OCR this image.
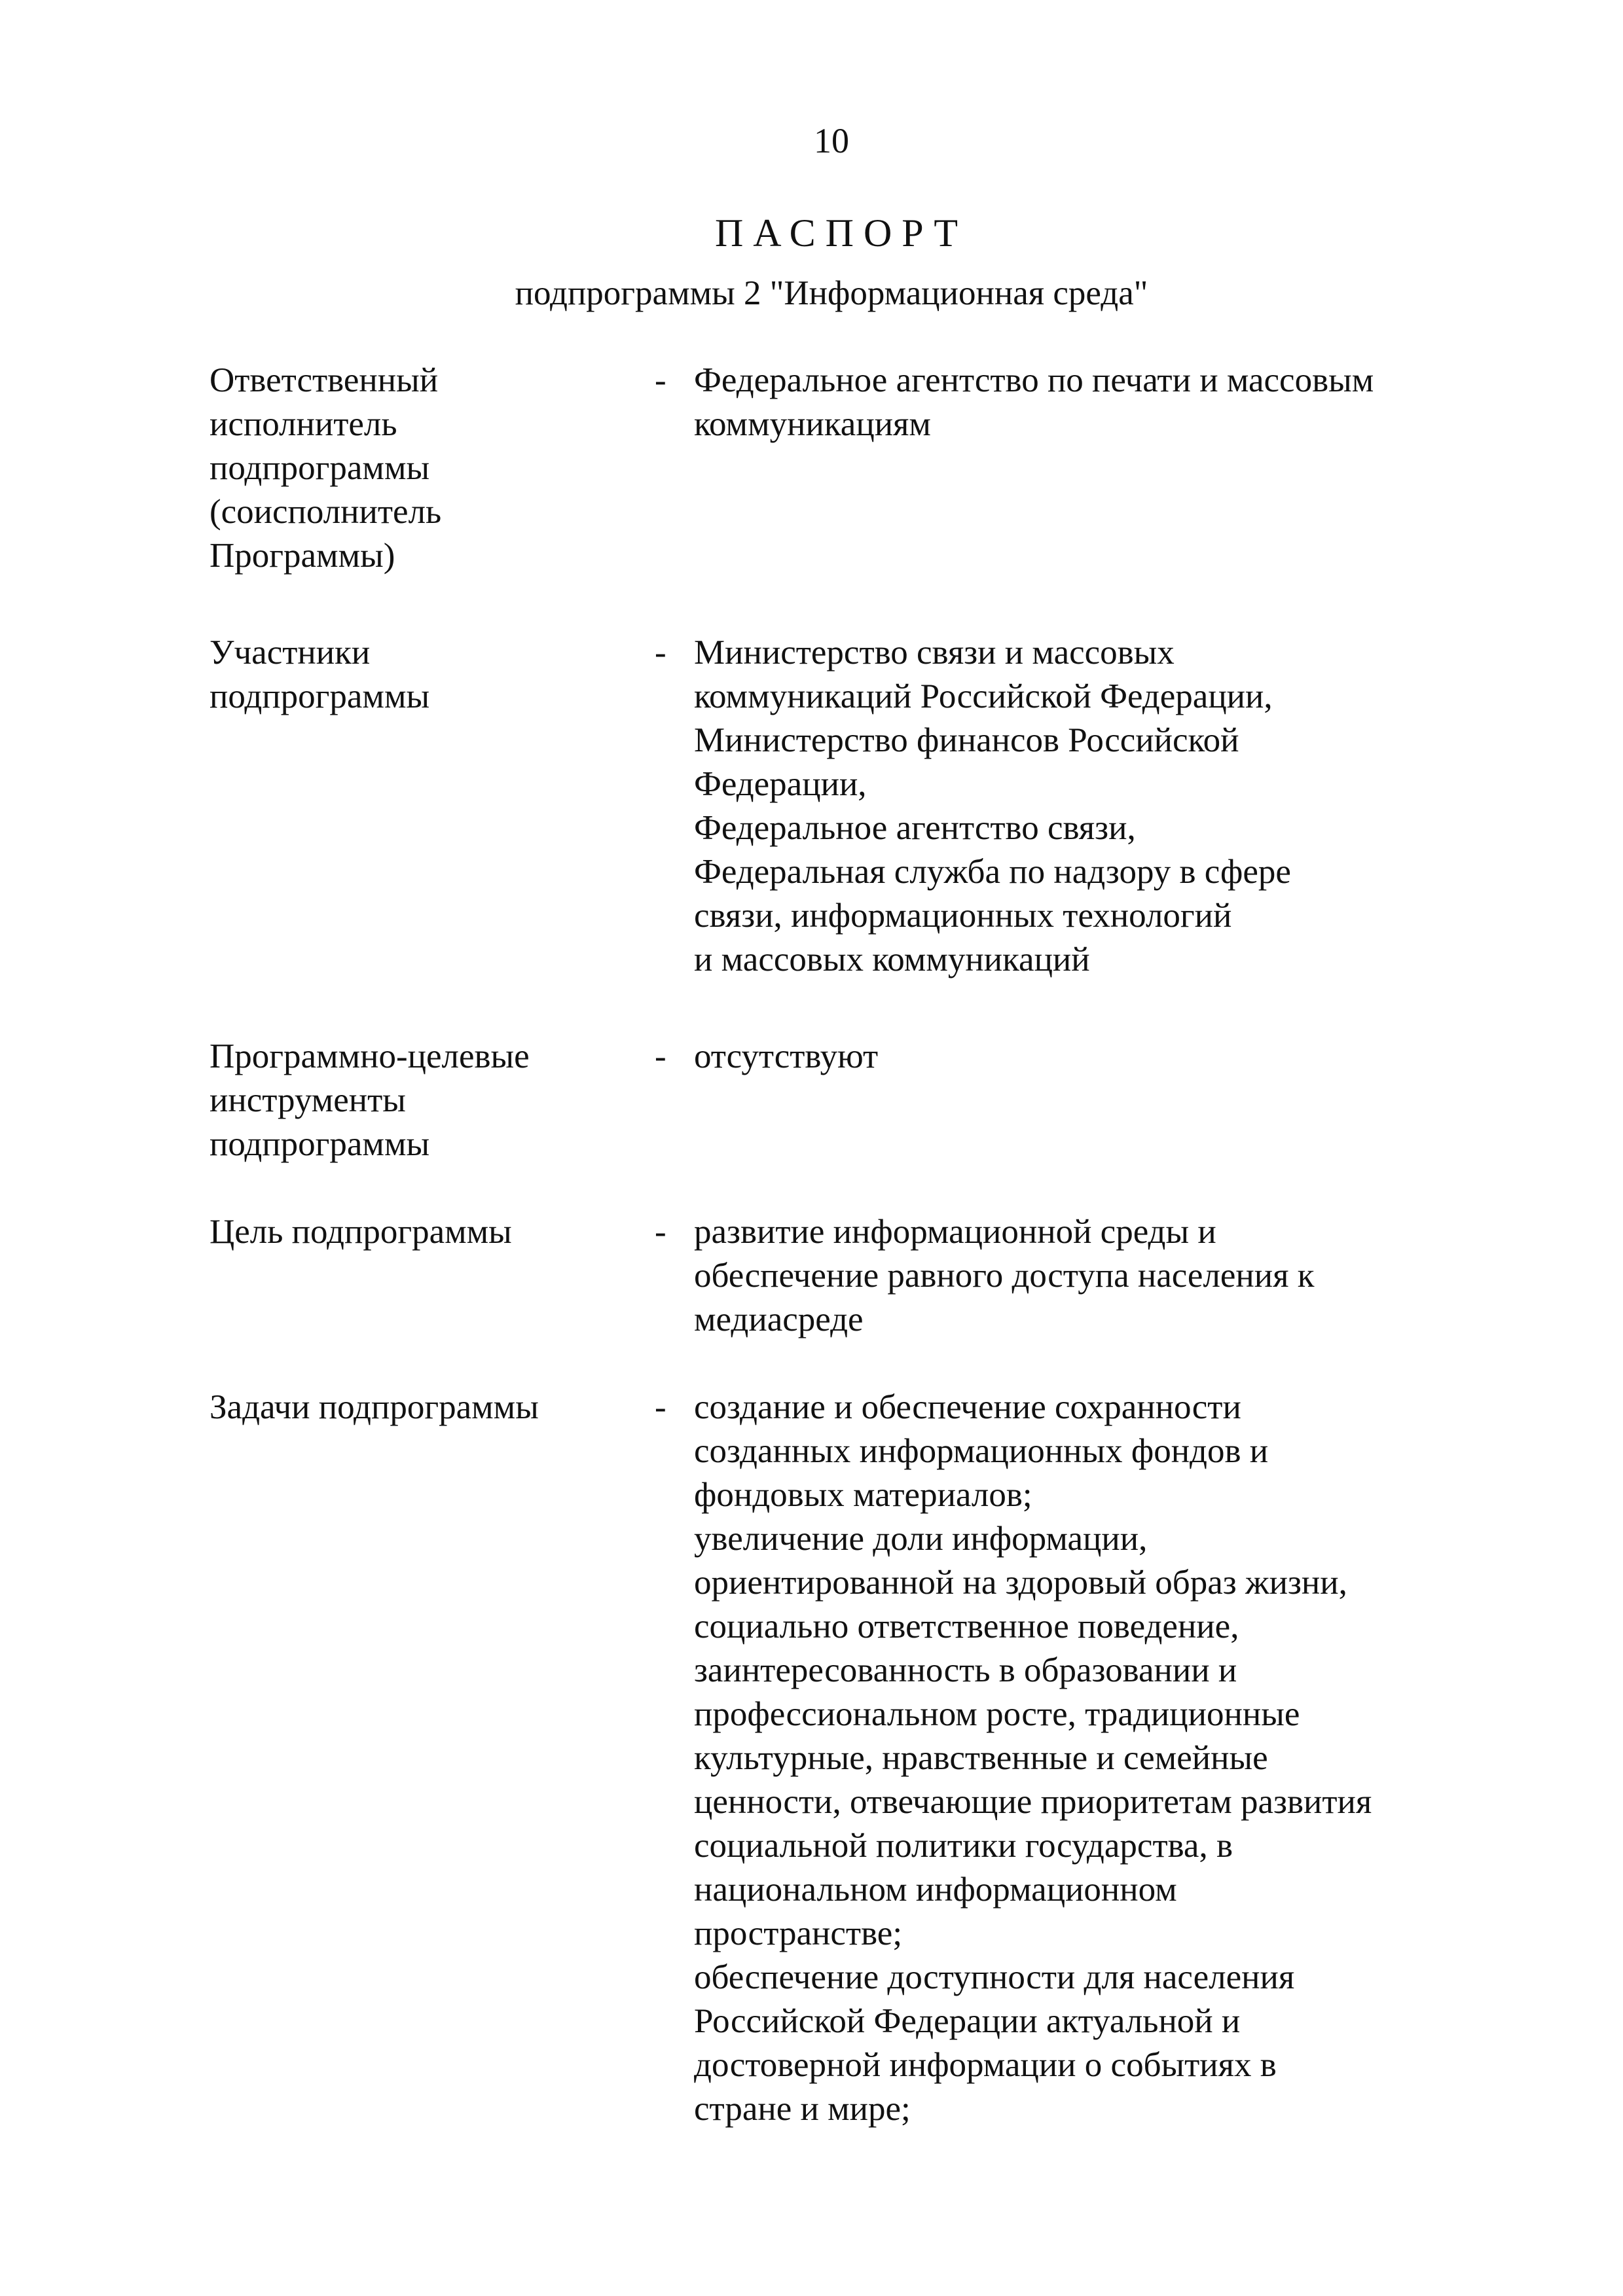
10
ПАСПОРТ
подпрограммы 2 "Информационная среда"
Ответственный
исполнитель
подпрограммы
(соисполнитель
Программы)
- Федеральное агентство по печати и массовым
коммуникациям
Участники
подпрограммы
- Министерство связи и массовых
коммуникаций Российской Федерации,
Министерство финансов Российской
Федерации,
Федеральное агентство связи,
Федеральная служба по надзору в сфере
связи, информационных технологий
и массовых коммуникаций
Программно-целевые
инструменты
подпрограммы
- отсутствуют
Цель подпрограммы	- развитие информационной среды и
обеспечение равного доступа населения к
медиасреде
Задачи подпрограммы	- создание и обеспечение сохранности
созданных информационных фондов и
фондовых материалов;
увеличение доли информации,
ориентированной на здоровый образ жизни,
социально ответственное поведение,
заинтересованность в образовании и
профессиональном росте, традиционные
культурные, нравственные и семейные
ценности, отвечающие приоритетам развития
социальной политики государства, в
национальном информационном
пространстве;
обеспечение доступности для населения
Российской Федерации актуальной и
достоверной информации о событиях в
стране и мире;
